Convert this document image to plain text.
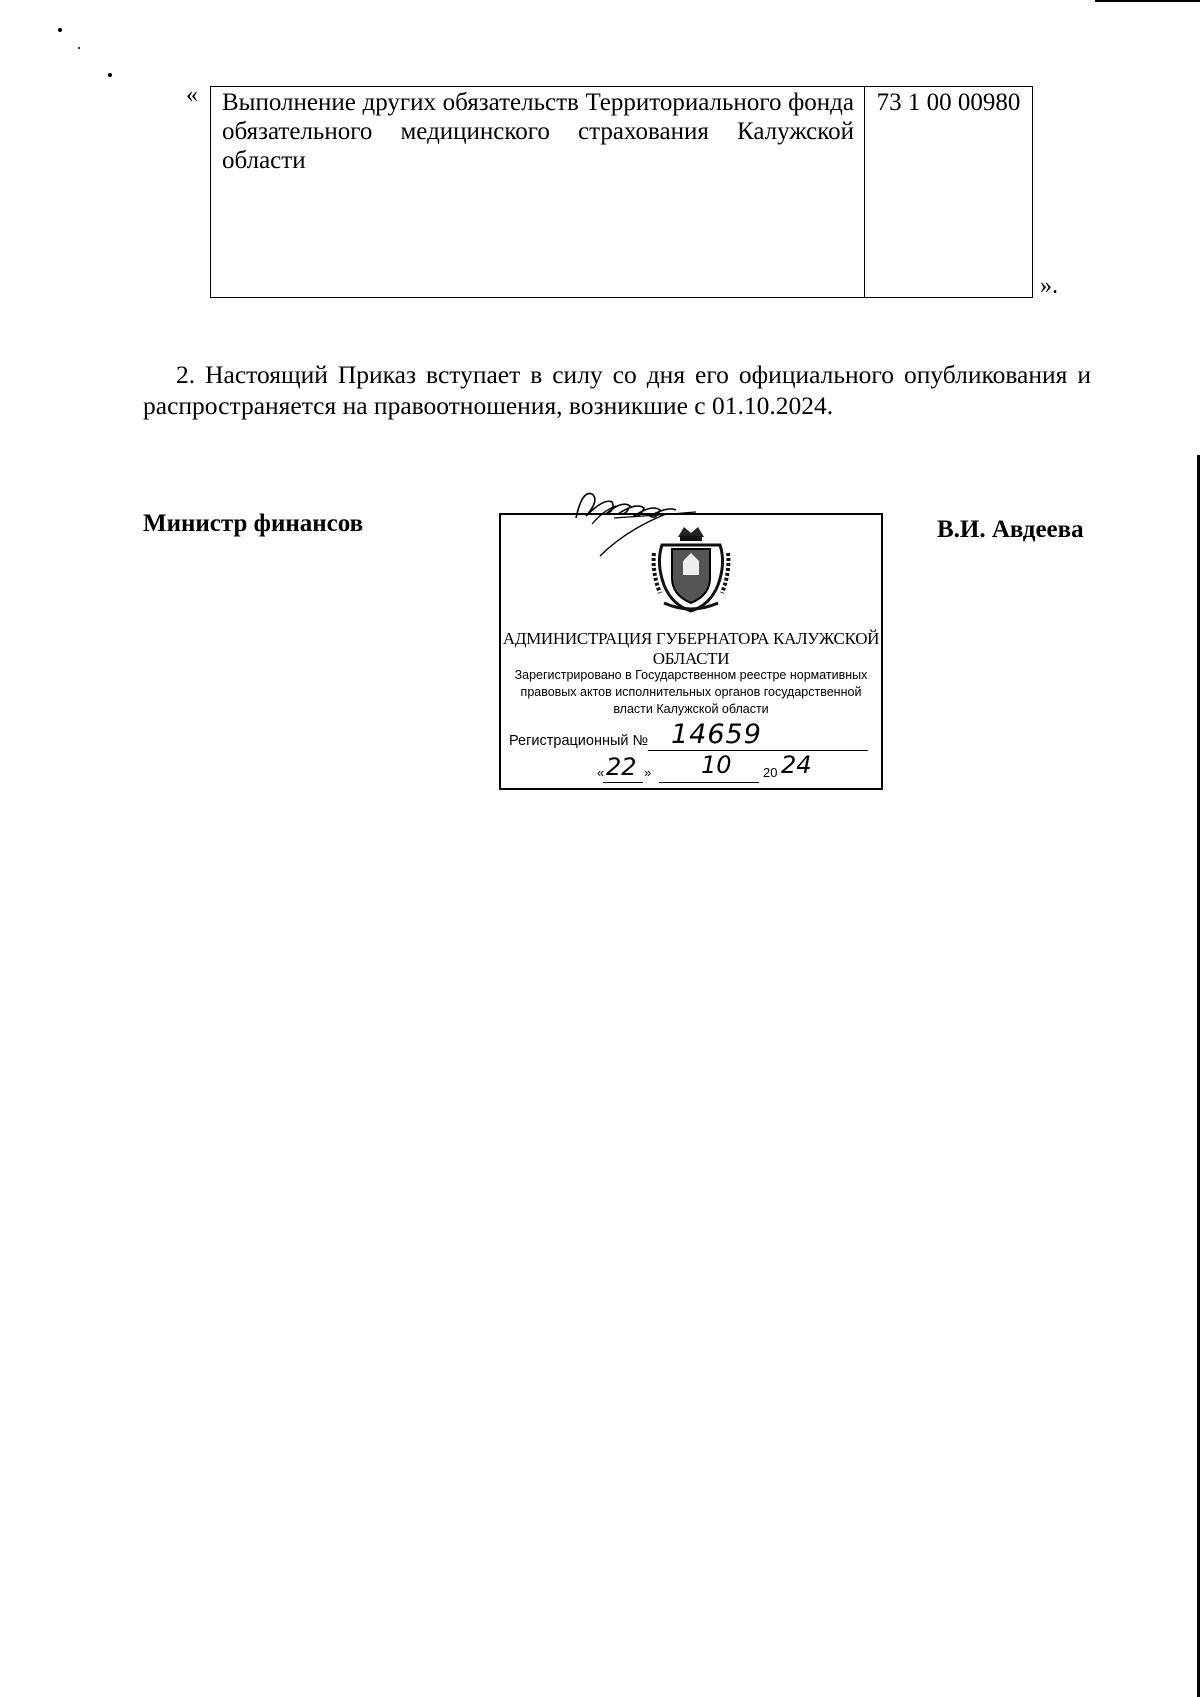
« Выполнение других обязательств Территориального фонда обязательного медицинского страхования Калужской области	73 1 00 00980
».
2. Настоящий Приказ вступает в силу со дня его официального опубликования и распространяется на правоотношения, возникшие с 01.10.2024.
Министр финансов	В.И. Авдеева
АДМИНИСТРАЦИЯ ГУБЕРНАТОРА КАЛУЖСКОЙ ОБЛАСТИ
Зарегистрировано в Государственном реестре нормативных правовых актов исполнительных органов государственной власти Калужской области
Регистрационный № 14659
« 22 » 10 20 24
